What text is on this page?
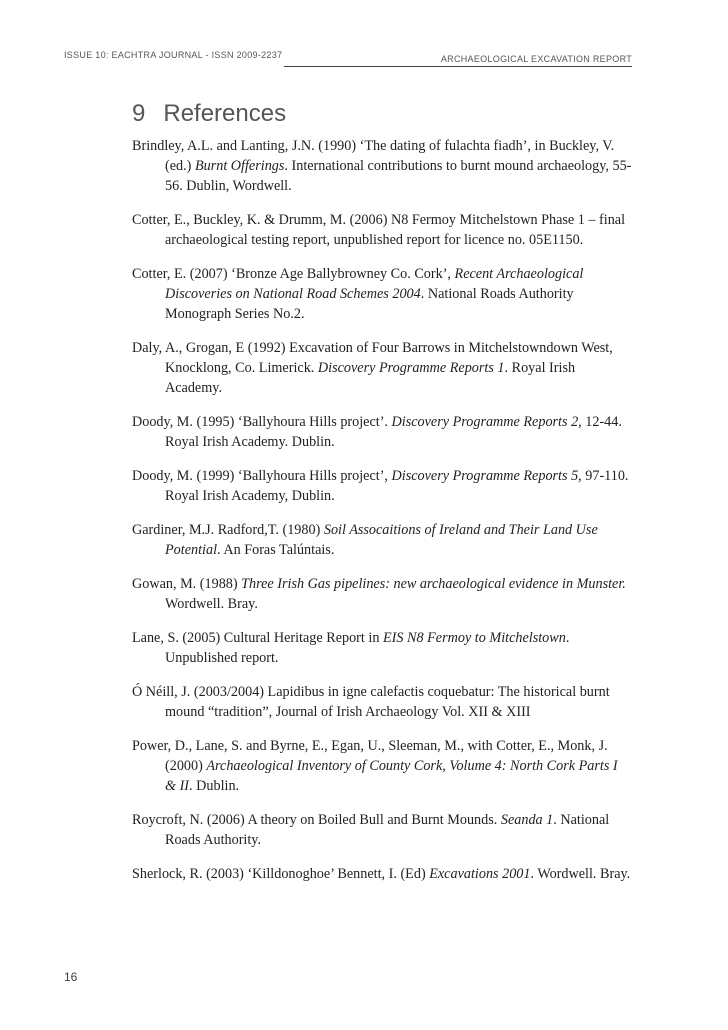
ISSUE 10: EACHTRA JOURNAL - ISSN 2009-2237	ARCHAEOLOGICAL EXCAVATION REPORT
9 References
Brindley, A.L. and Lanting, J.N. (1990) ‘The dating of fulachta fiadh’, in Buckley, V. (ed.) Burnt Offerings. International contributions to burnt mound archaeology, 55-56. Dublin, Wordwell.
Cotter, E., Buckley, K. & Drumm, M. (2006) N8 Fermoy Mitchelstown Phase 1 – final archaeological testing report, unpublished report for licence no. 05E1150.
Cotter, E. (2007) ‘Bronze Age Ballybrowney Co. Cork’, Recent Archaeological Discoveries on National Road Schemes 2004. National Roads Authority Monograph Series No.2.
Daly, A., Grogan, E (1992) Excavation of Four Barrows in Mitchelstowndown West, Knocklong, Co. Limerick. Discovery Programme Reports 1. Royal Irish Academy.
Doody, M. (1995) ‘Ballyhoura Hills project’. Discovery Programme Reports 2, 12-44. Royal Irish Academy. Dublin.
Doody, M. (1999) ‘Ballyhoura Hills project’, Discovery Programme Reports 5, 97-110. Royal Irish Academy, Dublin.
Gardiner, M.J. Radford,T. (1980) Soil Assocaitions of Ireland and Their Land Use Potential. An Foras Talúntais.
Gowan, M. (1988) Three Irish Gas pipelines: new archaeological evidence in Munster. Wordwell. Bray.
Lane, S. (2005) Cultural Heritage Report in EIS N8 Fermoy to Mitchelstown. Unpublished report.
Ó Néill, J. (2003/2004) Lapidibus in igne calefactis coquebatur: The historical burnt mound “tradition”, Journal of Irish Archaeology Vol. XII & XIII
Power, D., Lane, S. and Byrne, E., Egan, U., Sleeman, M., with Cotter, E., Monk, J. (2000) Archaeological Inventory of County Cork, Volume 4: North Cork Parts I & II. Dublin.
Roycroft, N. (2006) A theory on Boiled Bull and Burnt Mounds. Seanda 1. National Roads Authority.
Sherlock, R. (2003) ‘Killdonoghoe’ Bennett, I. (Ed) Excavations 2001. Wordwell. Bray.
16
